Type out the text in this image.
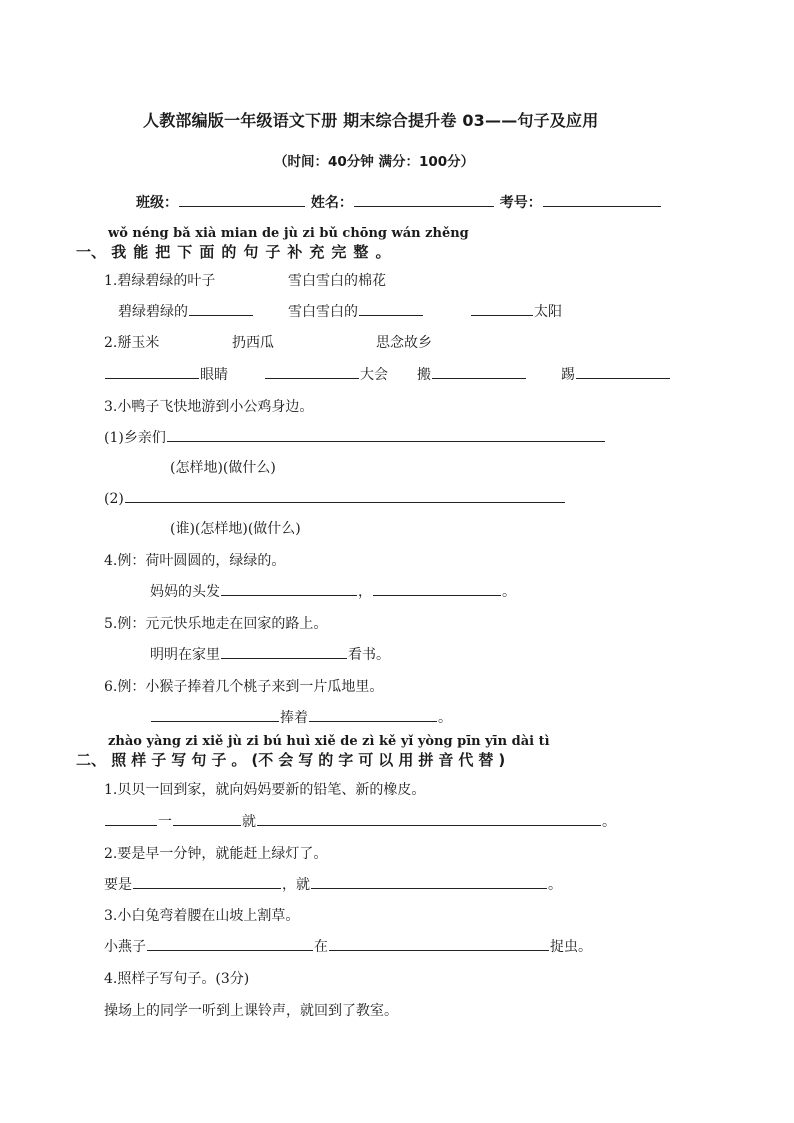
人教部编版一年级语文下册 期末综合提升卷 03——句子及应用
（时间：40分钟 满分：100分）
班级：	姓名：	考号：
wǒ néng bǎ xià mian de jù zi bǔ chōng wán zhěng
一、 我 能 把 下 面 的 句 子 补 充 完 整 。
1.碧绿碧绿的叶子	雪白雪白的棉花
碧绿碧绿的	雪白雪白的	太阳
2.掰玉米	扔西瓜	思念故乡
眼睛	大会 搬	踢
3.小鸭子飞快地游到小公鸡身边。
(1)乡亲们
(怎样地)(做什么)
(2)
(谁)(怎样地)(做什么)
4.例：荷叶圆圆的，绿绿的。
妈妈的头发	，	。
5.例：元元快乐地走在回家的路上。
明明在家里	看书。
6.例：小猴子捧着几个桃子来到一片瓜地里。
捧着	。
zhào yàng zi xiě jù zi bú huì xiě de zì kě yǐ yòng pīn yīn dài tì
二、 照 样 子 写 句 子 。 (不 会 写 的 字 可 以 用 拼 音 代 替 )
1.贝贝一回到家，就向妈妈要新的铅笔、新的橡皮。
一	就	。
2.要是早一分钟，就能赶上绿灯了。
要是	，就	。
3.小白兔弯着腰在山坡上割草。
小燕子	在	捉虫。
4.照样子写句子。(3分)
操场上的同学一听到上课铃声，就回到了教室。
